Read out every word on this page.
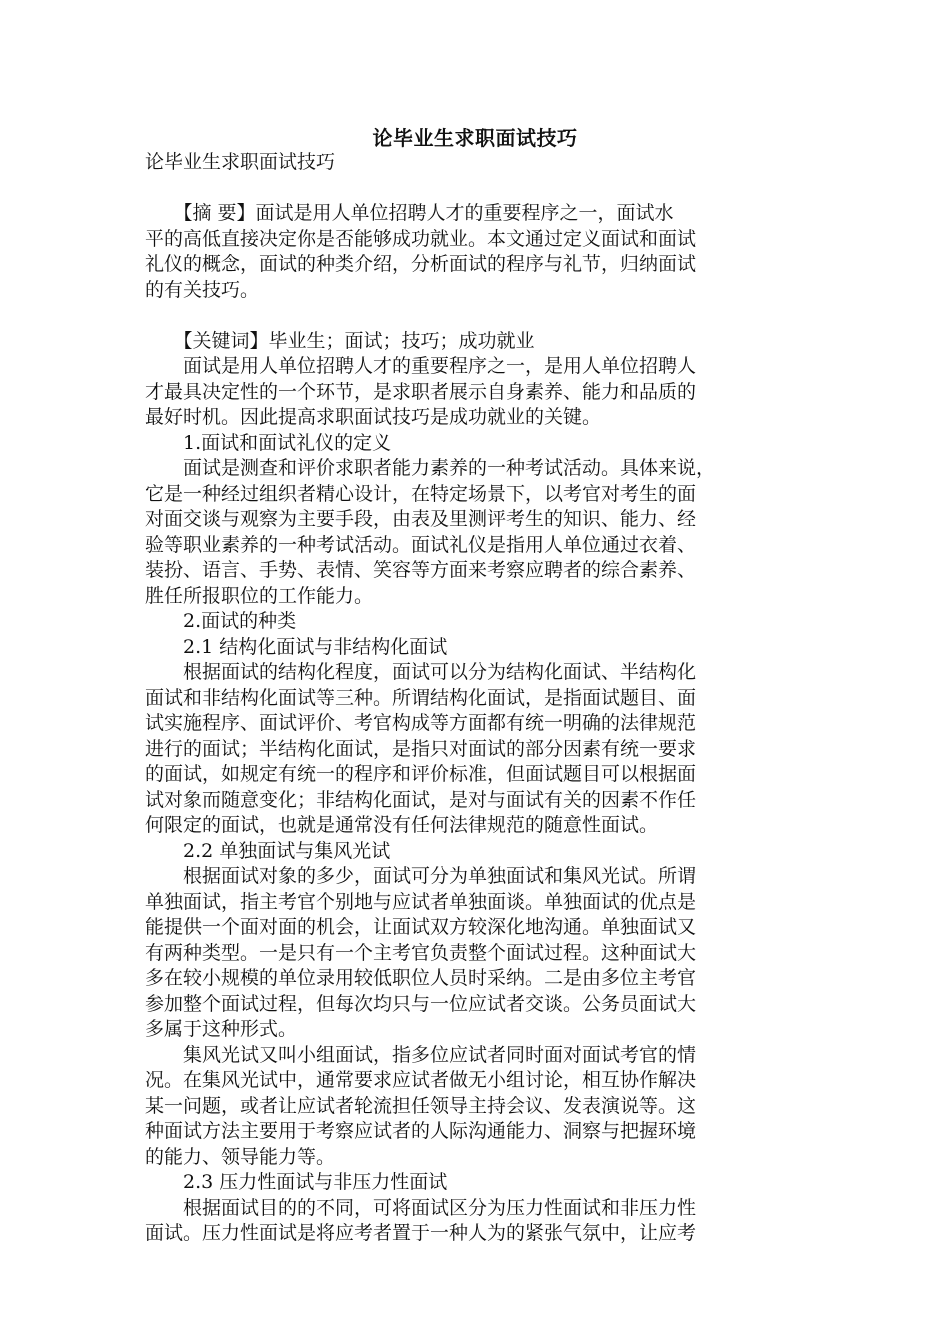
论毕业生求职面试技巧

论毕业生求职面试技巧

　　【摘 要】面试是用人单位招聘人才的重要程序之一，面试水

平的高低直接决定你是否能够成功就业。本文通过定义面试和面试

礼仪的概念，面试的种类介绍，分析面试的程序与礼节，归纳面试

的有关技巧。

　　【关键词】毕业生；面试；技巧；成功就业

　　面试是用人单位招聘人才的重要程序之一，是用人单位招聘人

才最具决定性的一个环节，是求职者展示自身素养、能力和品质的

最好时机。因此提高求职面试技巧是成功就业的关键。

　　1.面试和面试礼仪的定义

　　面试是测查和评价求职者能力素养的一种考试活动。具体来说，

它是一种经过组织者精心设计，在特定场景下，以考官对考生的面

对面交谈与观察为主要手段，由表及里测评考生的知识、能力、经

验等职业素养的一种考试活动。面试礼仪是指用人单位通过衣着、

装扮、语言、手势、表情、笑容等方面来考察应聘者的综合素养、

胜任所报职位的工作能力。

　　2.面试的种类

　　2.1 结构化面试与非结构化面试

　　根据面试的结构化程度，面试可以分为结构化面试、半结构化

面试和非结构化面试等三种。所谓结构化面试，是指面试题目、面

试实施程序、面试评价、考官构成等方面都有统一明确的法律规范

进行的面试；半结构化面试，是指只对面试的部分因素有统一要求

的面试，如规定有统一的程序和评价标准，但面试题目可以根据面

试对象而随意变化；非结构化面试，是对与面试有关的因素不作任

何限定的面试，也就是通常没有任何法律规范的随意性面试。

　　2.2 单独面试与集风光试

　　根据面试对象的多少，面试可分为单独面试和集风光试。所谓

单独面试，指主考官个别地与应试者单独面谈。单独面试的优点是

能提供一个面对面的机会，让面试双方较深化地沟通。单独面试又

有两种类型。一是只有一个主考官负责整个面试过程。这种面试大

多在较小规模的单位录用较低职位人员时采纳。二是由多位主考官

参加整个面试过程，但每次均只与一位应试者交谈。公务员面试大

多属于这种形式。

　　集风光试又叫小组面试，指多位应试者同时面对面试考官的情

况。在集风光试中，通常要求应试者做无小组讨论，相互协作解决

某一问题，或者让应试者轮流担任领导主持会议、发表演说等。这

种面试方法主要用于考察应试者的人际沟通能力、洞察与把握环境

的能力、领导能力等。

　　2.3 压力性面试与非压力性面试

　　根据面试目的的不同，可将面试区分为压力性面试和非压力性

面试。压力性面试是将应考者置于一种人为的紧张气氛中，让应考
